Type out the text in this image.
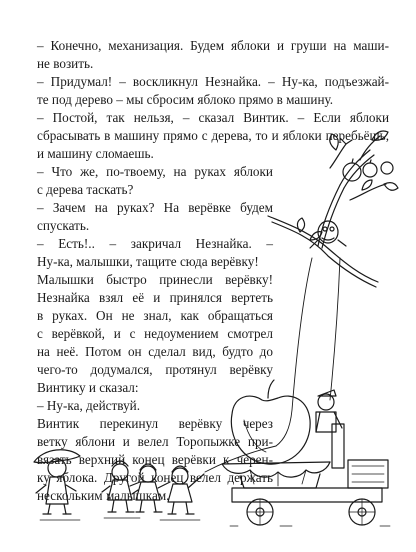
– Конечно, механизация. Будем яблоки и груши на маши-

не возить.

– Придумал! – воскликнул Незнайка. – Ну-ка, подъезжай-

те под дерево – мы сбросим яблоко прямо в машину.

– Постой, так нельзя, – сказал Винтик. – Если яблоки

сбрасывать в машину прямо с дерева, то и яблоки перебьёшь,

и машину сломаешь.

– Что же, по-твоему, на руках яблоки

с дерева таскать?

– Зачем на руках? На верёвке будем

спускать.

– Есть!.. – закричал Незнайка. –

Ну-ка, малышки, тащите сюда верёвку!

Малышки быстро принесли верёвку!

Незнайка взял её и принялся вертеть

в руках. Он не знал, как обращаться

с верёвкой, и с недоумением смотрел

на неё. Потом он сделал вид, будто до

чего-то додумался, протянул верёвку

Винтику и сказал:

– Ну-ка, действуй.

Винтик перекинул верёвку через

ветку яблони и велел Торопыжке при-

вязать верхний конец верёвки к черен-

ку яблока. Другой конец велел держать

нескольким малышкам.
